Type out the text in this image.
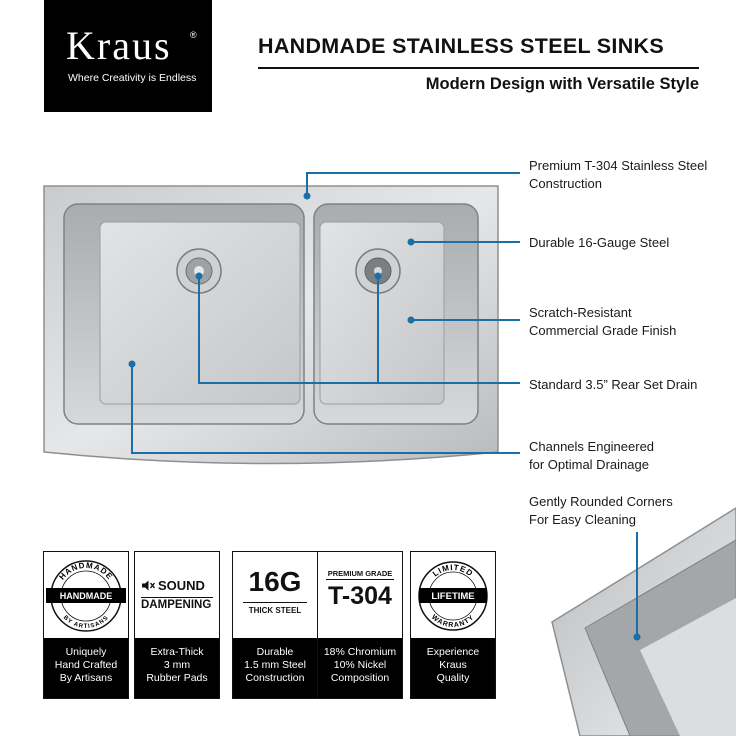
Kraus ®
Where Creativity is Endless
HANDMADE STAINLESS STEEL SINKS
Modern Design with Versatile Style
Premium T-304 Stainless Steel
Construction
Durable 16-Gauge Steel
Scratch-Resistant
Commercial Grade Finish
Standard 3.5” Rear Set Drain
Channels Engineered
for Optimal Drainage
Gently Rounded Corners
For Easy Cleaning
HANDMADE
BY ARTISANS
HANDMADE
Uniquely
Hand Crafted
By Artisans
SOUND
DAMPENING
Extra-Thick
3 mm
Rubber Pads
16G
THICK STEEL
Durable
1.5 mm Steel
Construction
PREMIUM GRADE
T-304
18% Chromium
10% Nickel
Composition
LIMITED
WARRANTY
LIFETIME
Experience
Kraus
Quality
